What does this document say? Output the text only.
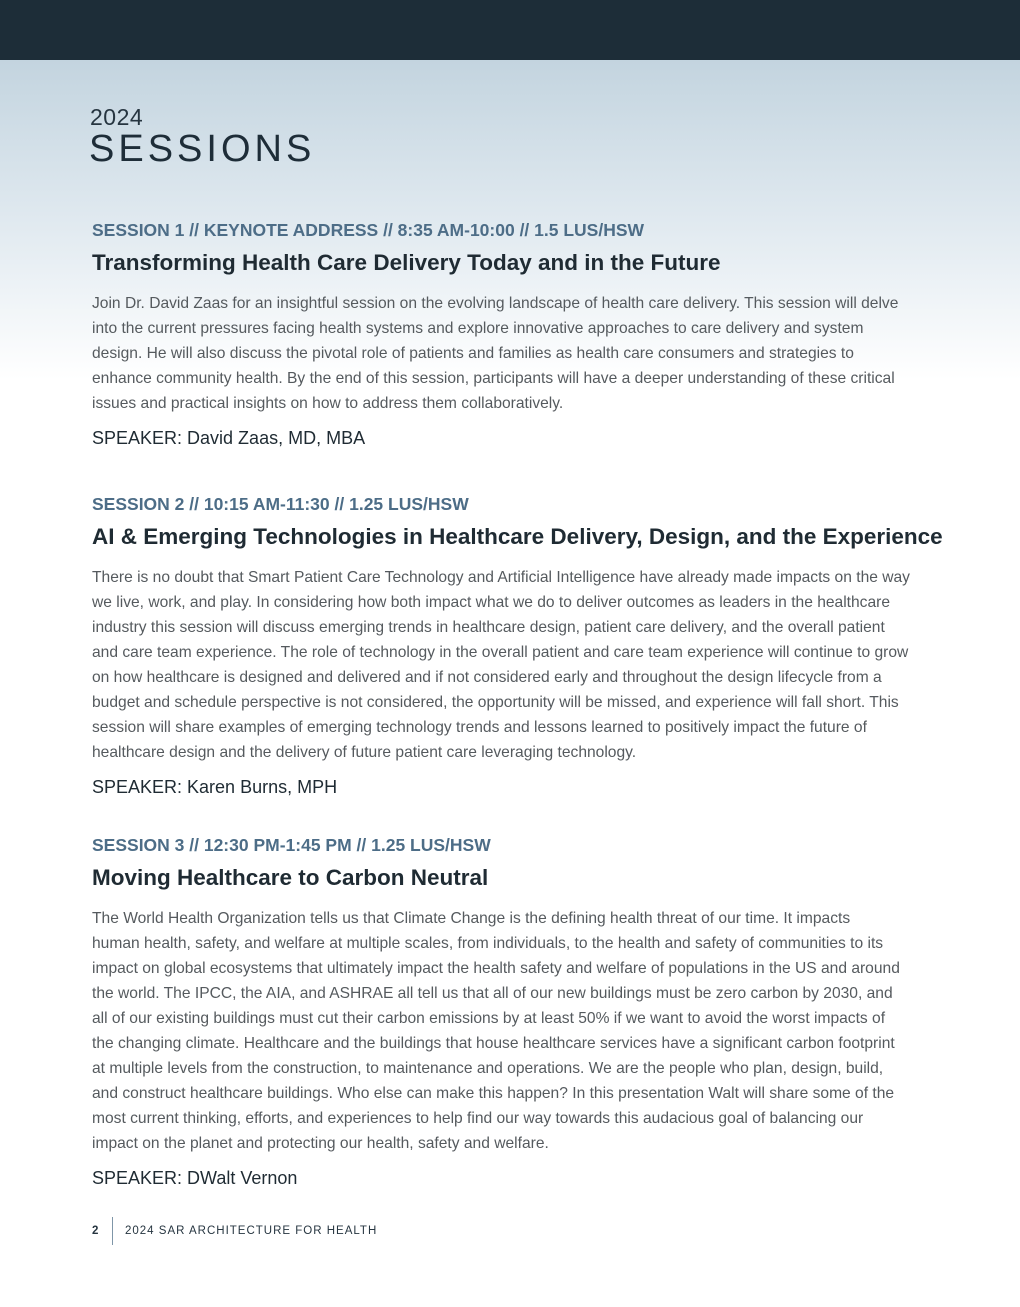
2024
SESSIONS

SESSION 1 // KEYNOTE ADDRESS // 8:35 AM-10:00 // 1.5 LUS/HSW

Transforming Health Care Delivery Today and in the Future

Join Dr. David Zaas for an insightful session on the evolving landscape of health care delivery. This session will delve into the current pressures facing health systems and explore innovative approaches to care delivery and system design. He will also discuss the pivotal role of patients and families as health care consumers and strategies to enhance community health. By the end of this session, participants will have a deeper understanding of these critical issues and practical insights on how to address them collaboratively.

SPEAKER: David Zaas, MD, MBA

SESSION 2 // 10:15 AM-11:30 // 1.25 LUS/HSW

AI & Emerging Technologies in Healthcare Delivery, Design, and the Experience

There is no doubt that Smart Patient Care Technology and Artificial Intelligence have already made impacts on the way we live, work, and play. In considering how both impact what we do to deliver outcomes as leaders in the healthcare industry this session will discuss emerging trends in healthcare design, patient care delivery, and the overall patient and care team experience. The role of technology in the overall patient and care team experience will continue to grow on how healthcare is designed and delivered and if not considered early and throughout the design lifecycle from a budget and schedule perspective is not considered, the opportunity will be missed, and experience will fall short. This session will share examples of emerging technology trends and lessons learned to positively impact the future of healthcare design and the delivery of future patient care leveraging technology.

SPEAKER: Karen Burns, MPH

SESSION 3 // 12:30 PM-1:45 PM // 1.25 LUS/HSW

Moving Healthcare to Carbon Neutral

The World Health Organization tells us that Climate Change is the defining health threat of our time. It impacts human health, safety, and welfare at multiple scales, from individuals, to the health and safety of communities to its impact on global ecosystems that ultimately impact the health safety and welfare of populations in the US and around the world. The IPCC, the AIA, and ASHRAE all tell us that all of our new buildings must be zero carbon by 2030, and all of our existing buildings must cut their carbon emissions by at least 50% if we want to avoid the worst impacts of the changing climate. Healthcare and the buildings that house healthcare services have a significant carbon footprint at multiple levels from the construction, to maintenance and operations. We are the people who plan, design, build, and construct healthcare buildings. Who else can make this happen? In this presentation Walt will share some of the most current thinking, efforts, and experiences to help find our way towards this audacious goal of balancing our impact on the planet and protecting our health, safety and welfare.

SPEAKER: DWalt Vernon

2	2024 SAR ARCHITECTURE FOR HEALTH
